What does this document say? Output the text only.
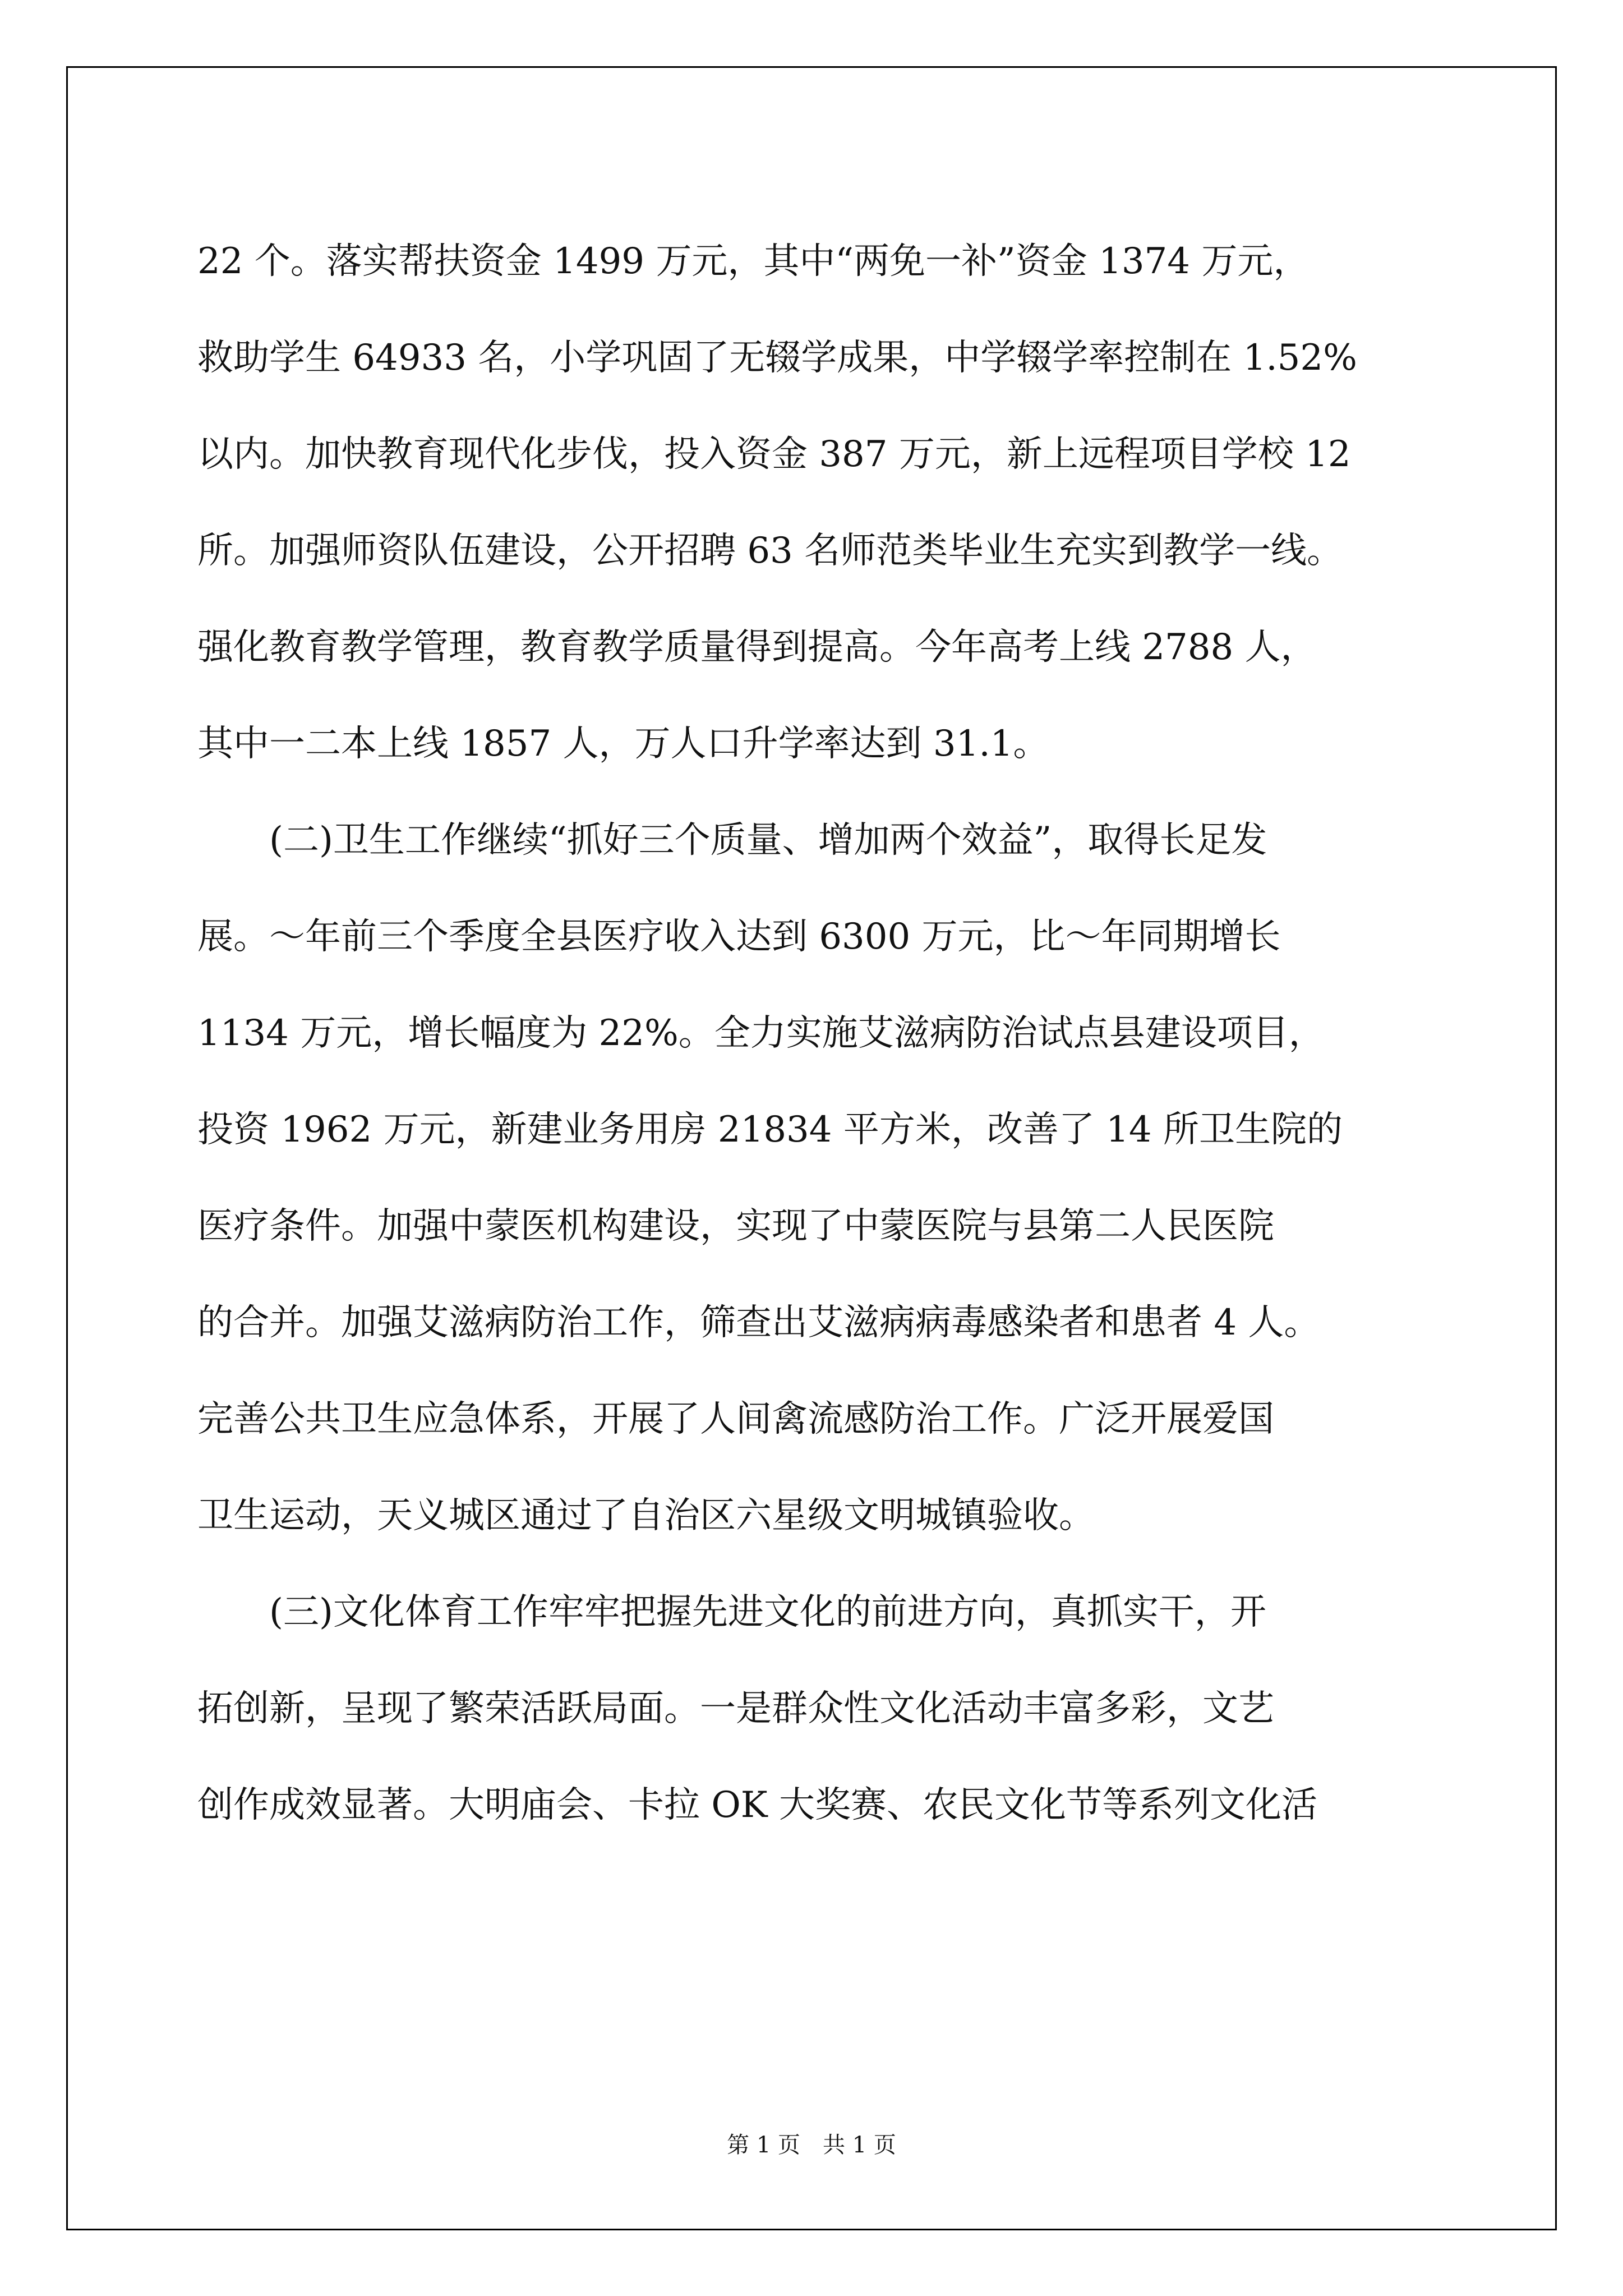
22 个。落实帮扶资金 1499 万元，其中“两免一补”资金 1374 万元，
救助学生 64933 名，小学巩固了无辍学成果，中学辍学率控制在 1.52%
以内。加快教育现代化步伐，投入资金 387 万元，新上远程项目学校 12
所。加强师资队伍建设，公开招聘 63 名师范类毕业生充实到教学一线。
强化教育教学管理，教育教学质量得到提高。今年高考上线 2788 人，
其中一二本上线 1857 人，万人口升学率达到 31.1。
(二)卫生工作继续“抓好三个质量、增加两个效益”，取得长足发
展。～年前三个季度全县医疗收入达到 6300 万元，比～年同期增长
1134 万元，增长幅度为 22%。全力实施艾滋病防治试点县建设项目，
投资 1962 万元，新建业务用房 21834 平方米，改善了 14 所卫生院的
医疗条件。加强中蒙医机构建设，实现了中蒙医院与县第二人民医院
的合并。加强艾滋病防治工作，筛查出艾滋病病毒感染者和患者 4 人。
完善公共卫生应急体系，开展了人间禽流感防治工作。广泛开展爱国
卫生运动，天义城区通过了自治区六星级文明城镇验收。
(三)文化体育工作牢牢把握先进文化的前进方向，真抓实干，开
拓创新，呈现了繁荣活跃局面。一是群众性文化活动丰富多彩，文艺
创作成效显著。大明庙会、卡拉 OK 大奖赛、农民文化节等系列文化活
第 1 页　共 1 页
